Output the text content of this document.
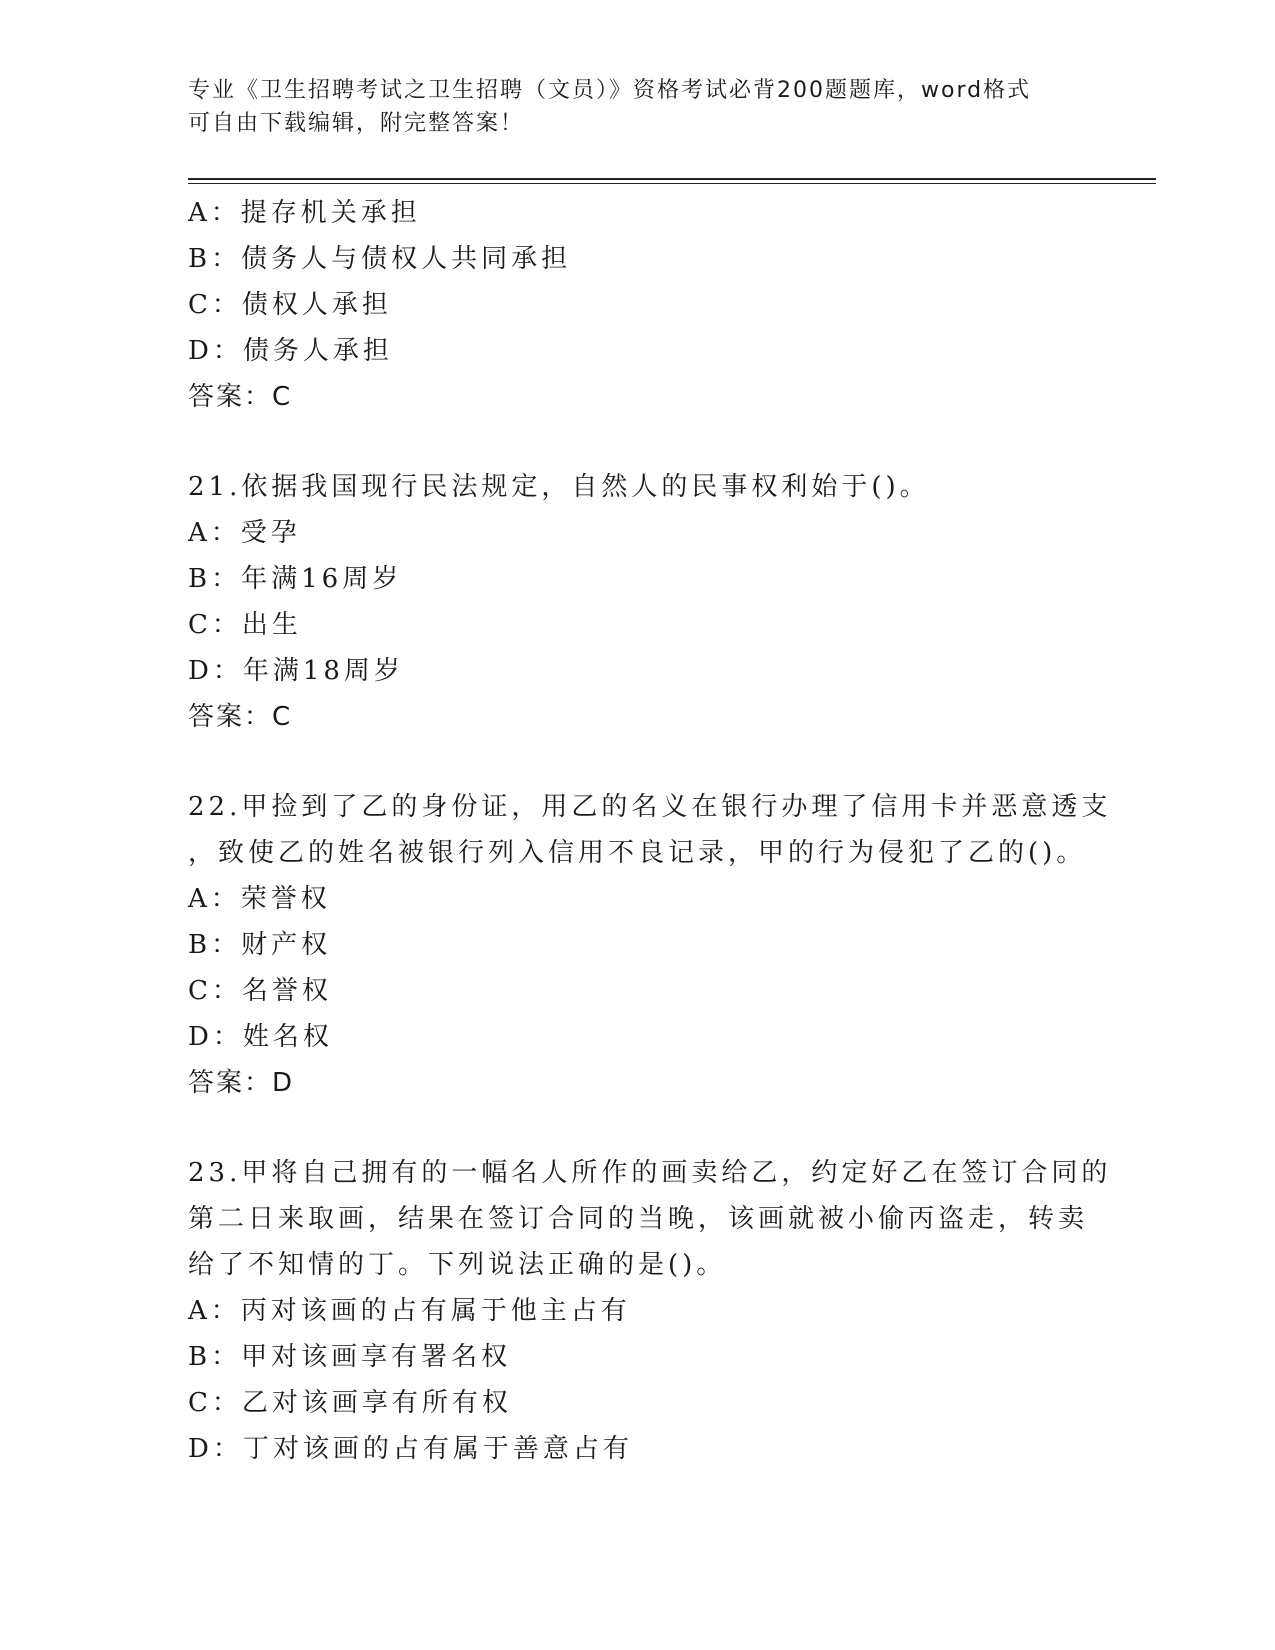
专业《卫生招聘考试之卫生招聘（文员）》资格考试必背200题题库，word格式
可自由下载编辑，附完整答案！
A：提存机关承担
B：债务人与债权人共同承担
C：债权人承担
D：债务人承担
答案：C
21.依据我国现行民法规定，自然人的民事权利始于()。
A：受孕
B：年满16周岁
C：出生
D：年满18周岁
答案：C
22.甲捡到了乙的身份证，用乙的名义在银行办理了信用卡并恶意透支
，致使乙的姓名被银行列入信用不良记录，甲的行为侵犯了乙的()。
A：荣誉权
B：财产权
C：名誉权
D：姓名权
答案：D
23.甲将自己拥有的一幅名人所作的画卖给乙，约定好乙在签订合同的
第二日来取画，结果在签订合同的当晚，该画就被小偷丙盗走，转卖
给了不知情的丁。下列说法正确的是()。
A：丙对该画的占有属于他主占有
B：甲对该画享有署名权
C：乙对该画享有所有权
D：丁对该画的占有属于善意占有
